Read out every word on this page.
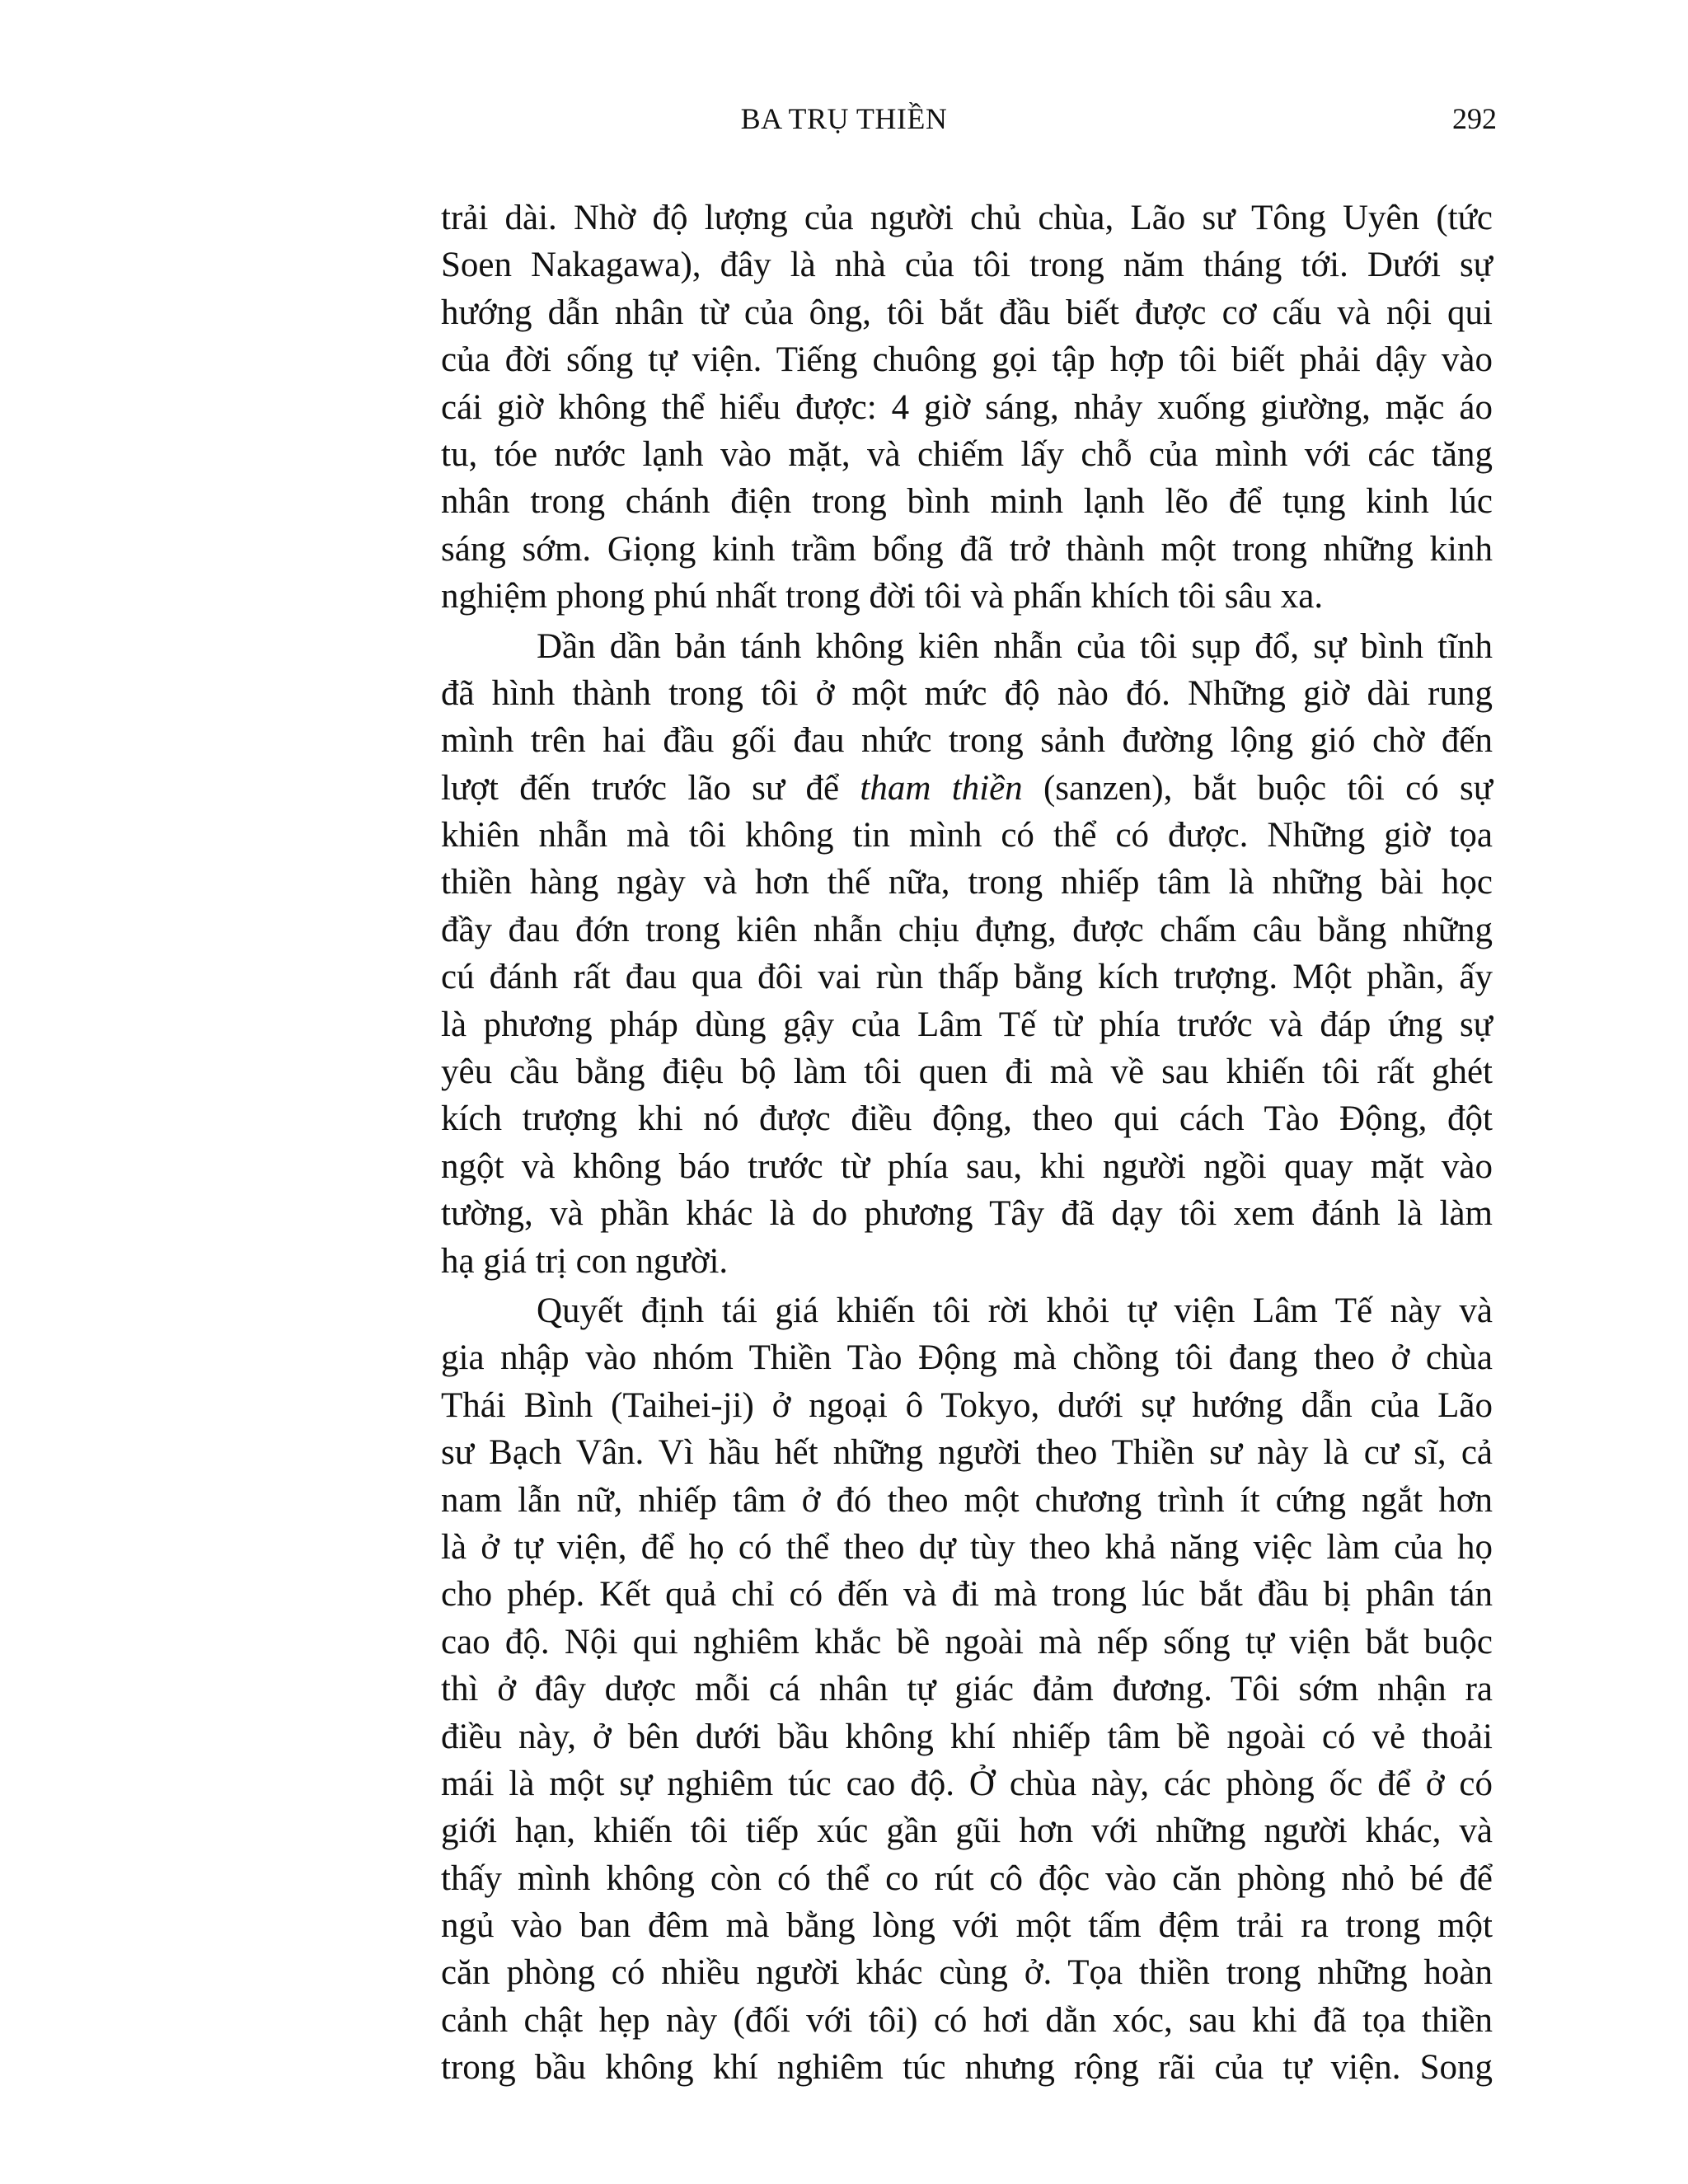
BA TRỤ THIỀN	292
trải dài. Nhờ độ lượng của người chủ chùa, Lão sư Tông Uyên (tức
Soen Nakagawa), đây là nhà của tôi trong năm tháng tới. Dưới sự
hướng dẫn nhân từ của ông, tôi bắt đầu biết được cơ cấu và nội qui
của đời sống tự viện. Tiếng chuông gọi tập hợp tôi biết phải dậy vào
cái giờ không thể hiểu được: 4 giờ sáng, nhảy xuống giường, mặc áo
tu, tóe nước lạnh vào mặt, và chiếm lấy chỗ của mình với các tăng
nhân trong chánh điện trong bình minh lạnh lẽo để tụng kinh lúc
sáng sớm. Giọng kinh trầm bổng đã trở thành một trong những kinh
nghiệm phong phú nhất trong đời tôi và phấn khích tôi sâu xa.
Dần dần bản tánh không kiên nhẫn của tôi sụp đổ, sự bình tĩnh
đã hình thành trong tôi ở một mức độ nào đó. Những giờ dài rung
mình trên hai đầu gối đau nhức trong sảnh đường lộng gió chờ đến
lượt đến trước lão sư để tham thiền (sanzen), bắt buộc tôi có sự
khiên nhẫn mà tôi không tin mình có thể có được. Những giờ tọa
thiền hàng ngày và hơn thế nữa, trong nhiếp tâm là những bài học
đầy đau đớn trong kiên nhẫn chịu đựng, được chấm câu bằng những
cú đánh rất đau qua đôi vai rùn thấp bằng kích trượng. Một phần, ấy
là phương pháp dùng gậy của Lâm Tế từ phía trước và đáp ứng sự
yêu cầu bằng điệu bộ làm tôi quen đi mà về sau khiến tôi rất ghét
kích trượng khi nó được điều động, theo qui cách Tào Động, đột
ngột và không báo trước từ phía sau, khi người ngồi quay mặt vào
tường, và phần khác là do phương Tây đã dạy tôi xem đánh là làm
hạ giá trị con người.
Quyết định tái giá khiến tôi rời khỏi tự viện Lâm Tế này và
gia nhập vào nhóm Thiền Tào Động mà chồng tôi đang theo ở chùa
Thái Bình (Taihei-ji) ở ngoại ô Tokyo, dưới sự hướng dẫn của Lão
sư Bạch Vân. Vì hầu hết những người theo Thiền sư này là cư sĩ, cả
nam lẫn nữ, nhiếp tâm ở đó theo một chương trình ít cứng ngắt hơn
là ở tự viện, để họ có thể theo dự tùy theo khả năng việc làm của họ
cho phép. Kết quả chỉ có đến và đi mà trong lúc bắt đầu bị phân tán
cao độ. Nội qui nghiêm khắc bề ngoài mà nếp sống tự viện bắt buộc
thì ở đây dược mỗi cá nhân tự giác đảm đương. Tôi sớm nhận ra
điều này, ở bên dưới bầu không khí nhiếp tâm bề ngoài có vẻ thoải
mái là một sự nghiêm túc cao độ. Ở chùa này, các phòng ốc để ở có
giới hạn, khiến tôi tiếp xúc gần gũi hơn với những người khác, và
thấy mình không còn có thể co rút cô độc vào căn phòng nhỏ bé để
ngủ vào ban đêm mà bằng lòng với một tấm đệm trải ra trong một
căn phòng có nhiều người khác cùng ở. Tọa thiền trong những hoàn
cảnh chật hẹp này (đối với tôi) có hơi dằn xóc, sau khi đã tọa thiền
trong bầu không khí nghiêm túc nhưng rộng rãi của tự viện. Song
